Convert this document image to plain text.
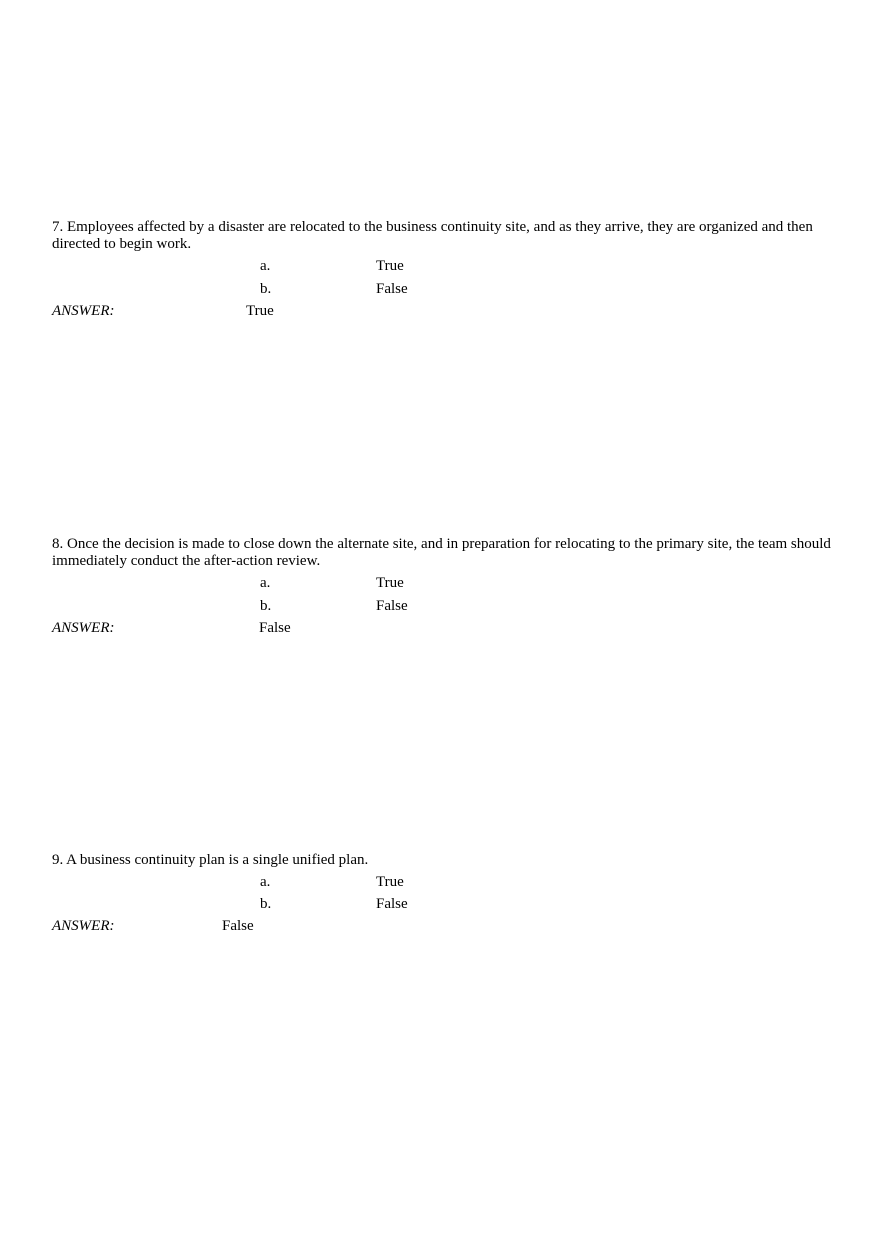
7. Employees affected by a disaster are relocated to the business continuity site, and as they arrive, they are organized and then directed to begin work.

a.	True
b.	False
ANSWER:	True

8. Once the decision is made to close down the alternate site, and in preparation for relocating to the primary site, the team should immediately conduct the after-action review.

a.	True
b.	False
ANSWER:	False

9. A business continuity plan is a single unified plan.

a.	True
b.	False
ANSWER:	False
